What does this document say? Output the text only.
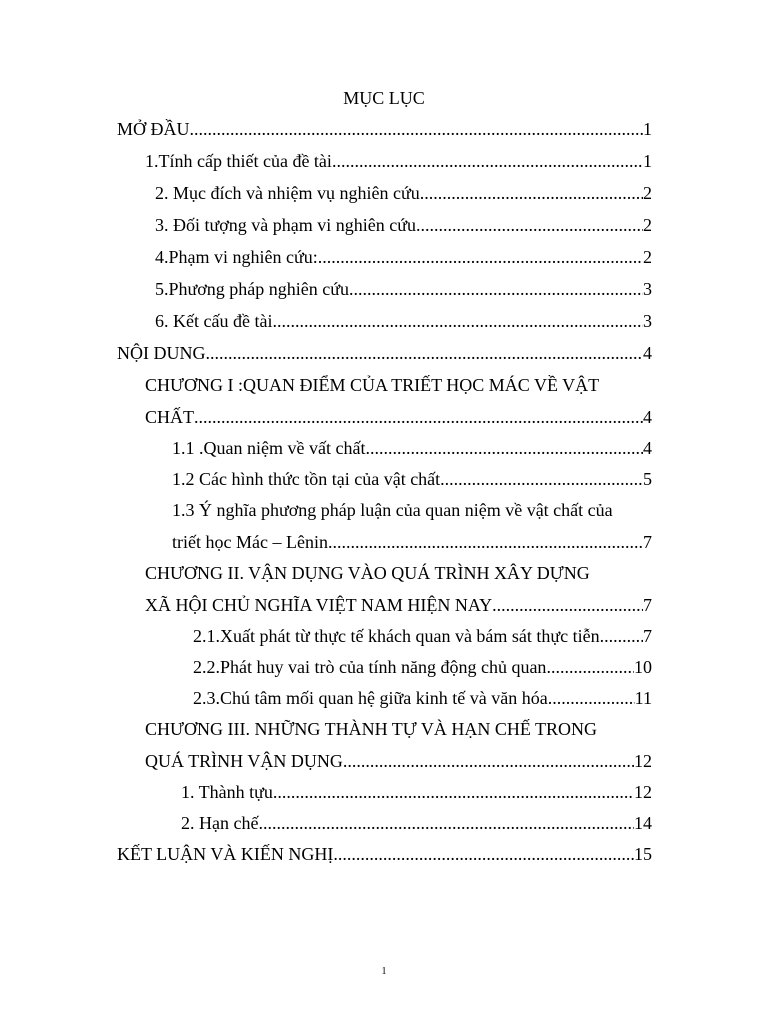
MỤC LỤC
MỞ ĐẦU .....	1
1.Tính cấp thiết của đề tài .....	1
2. Mục đích và nhiệm vụ nghiên cứu .....	2
3. Đối tượng và phạm vi nghiên cứu .....	2
4.Phạm vi nghiên cứu: .....	2
5.Phương pháp nghiên cứu .....	3
6. Kết cấu đề tài .....	3
NỘI DUNG .....	4
CHƯƠNG I :QUAN ĐIỂM CỦA TRIẾT HỌC MÁC VỀ VẬT
CHẤT .....	4
1.1 .Quan niệm về vất chất .....	4
1.2 Các hình thức tồn tại của vật chất .....	5
1.3 Ý nghĩa phương pháp luận của quan niệm về vật chất của
triết học Mác – Lênin .....	7
CHƯƠNG II. VẬN DỤNG VÀO QUÁ TRÌNH XÂY DỰNG
XÃ HỘI CHỦ NGHĨA VIỆT NAM HIỆN NAY .....	7
2.1.Xuất phát từ thực tế khách quan và bám sát thực tiễn. ..... 7
2.2.Phát huy vai trò của tính năng động chủ quan .....	10
2.3.Chú tâm mối quan hệ giữa kinh tế và văn hóa .....	11
CHƯƠNG III. NHỮNG THÀNH TỰ VÀ HẠN CHẾ TRONG
QUÁ TRÌNH VẬN DỤNG .....	12
1. Thành tựu .....	12
2. Hạn chế .....	14
KẾT LUẬN VÀ KIẾN NGHỊ .....	15
1
